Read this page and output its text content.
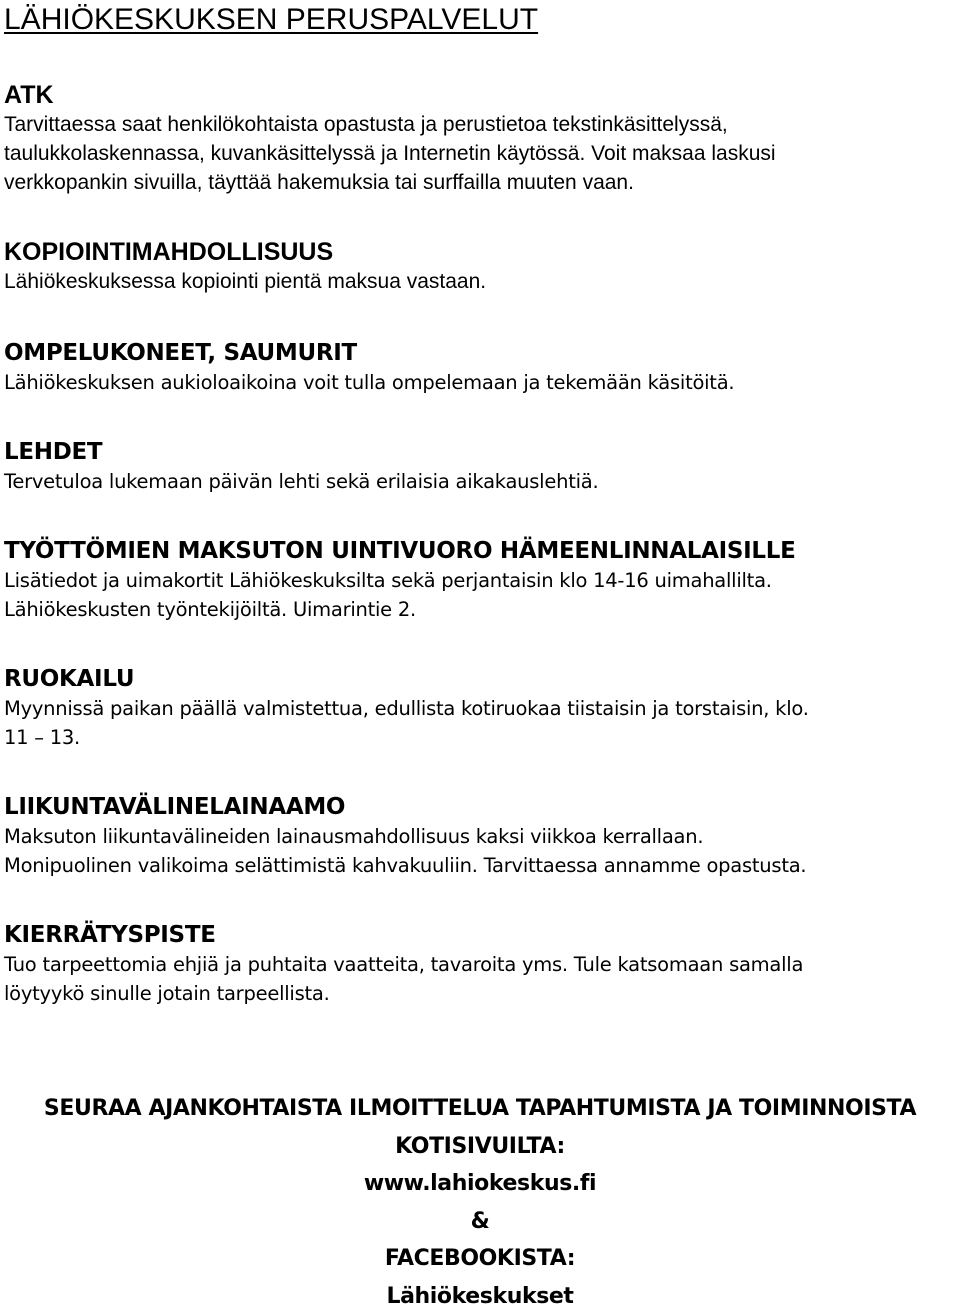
LÄHIÖKESKUKSEN PERUSPALVELUT
ATK
Tarvittaessa saat henkilökohtaista opastusta ja perustietoa tekstinkäsittelyssä,
taulukkolaskennassa, kuvankäsittelyssä ja Internetin käytössä. Voit maksaa laskusi
verkkopankin sivuilla, täyttää hakemuksia tai surffailla muuten vaan.
KOPIOINTIMAHDOLLISUUS
Lähiökeskuksessa kopiointi pientä maksua vastaan.
OMPELUKONEET, SAUMURIT
Lähiökeskuksen aukioloaikoina voit tulla ompelemaan ja tekemään käsitöitä.
LEHDET
Tervetuloa lukemaan päivän lehti sekä erilaisia aikakauslehtiä.
TYÖTTÖMIEN MAKSUTON UINTIVUORO HÄMEENLINNALAISILLE
Lisätiedot ja uimakortit Lähiökeskuksilta sekä perjantaisin klo 14-16 uimahallilta.
Lähiökeskusten työntekijöiltä. Uimarintie 2.
RUOKAILU
Myynnissä paikan päällä valmistettua, edullista kotiruokaa tiistaisin ja torstaisin, klo.
11 – 13.
LIIKUNTAVÄLINELAINAAMO
Maksuton liikuntavälineiden lainausmahdollisuus kaksi viikkoa kerrallaan.
Monipuolinen valikoima selättimistä kahvakuuliin. Tarvittaessa annamme opastusta.
KIERRÄTYSPISTE
Tuo tarpeettomia ehjiä ja puhtaita vaatteita, tavaroita yms. Tule katsomaan samalla
löytyykö sinulle jotain tarpeellista.
SEURAA AJANKOHTAISTA ILMOITTELUA TAPAHTUMISTA JA TOIMINNOISTA
KOTISIVUILTA:
www.lahiokeskus.fi
&
FACEBOOKISTA:
Lähiökeskukset
